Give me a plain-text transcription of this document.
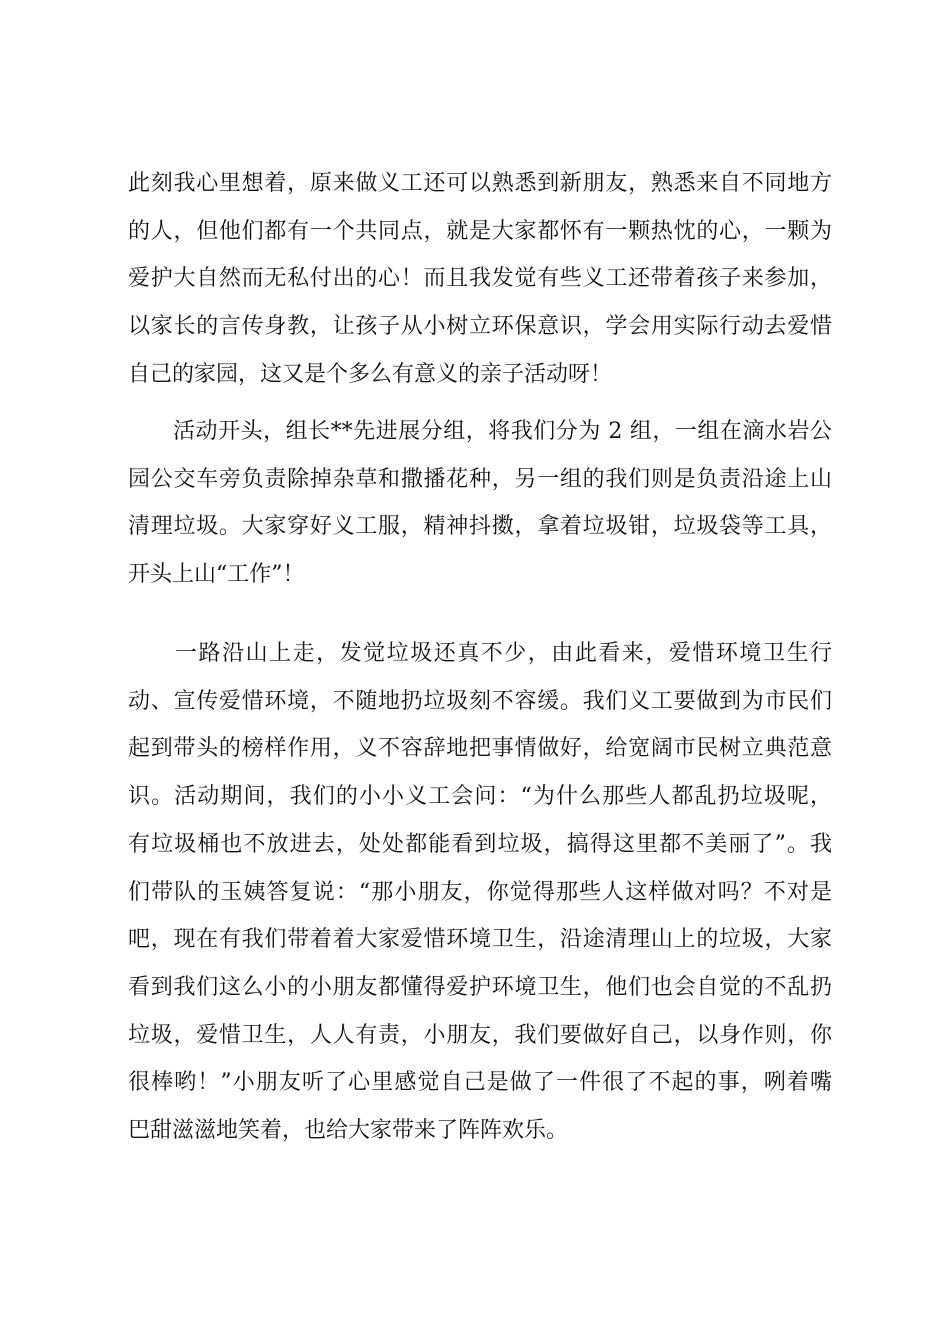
此刻我心里想着，原来做义工还可以熟悉到新朋友，熟悉来自不同地方
的人，但他们都有一个共同点，就是大家都怀有一颗热忱的心，一颗为
爱护大自然而无私付出的心！而且我发觉有些义工还带着孩子来参加，
以家长的言传身教，让孩子从小树立环保意识，学会用实际行动去爱惜
自己的家园，这又是个多么有意义的亲子活动呀！
　　活动开头，组长**先进展分组，将我们分为 2 组，一组在滴水岩公
园公交车旁负责除掉杂草和撒播花种，另一组的我们则是负责沿途上山
清理垃圾。大家穿好义工服，精神抖擞，拿着垃圾钳，垃圾袋等工具，
开头上山“工作”！
　　一路沿山上走，发觉垃圾还真不少，由此看来，爱惜环境卫生行
动、宣传爱惜环境，不随地扔垃圾刻不容缓。我们义工要做到为市民们
起到带头的榜样作用，义不容辞地把事情做好，给宽阔市民树立典范意
识。活动期间，我们的小小义工会问：“为什么那些人都乱扔垃圾呢，
有垃圾桶也不放进去，处处都能看到垃圾，搞得这里都不美丽了”。我
们带队的玉姨答复说：“那小朋友，你觉得那些人这样做对吗？不对是
吧，现在有我们带着着大家爱惜环境卫生，沿途清理山上的垃圾，大家
看到我们这么小的小朋友都懂得爱护环境卫生，他们也会自觉的不乱扔
垃圾，爱惜卫生，人人有责，小朋友，我们要做好自己，以身作则，你
很棒哟！”小朋友听了心里感觉自己是做了一件很了不起的事，咧着嘴
巴甜滋滋地笑着，也给大家带来了阵阵欢乐。
